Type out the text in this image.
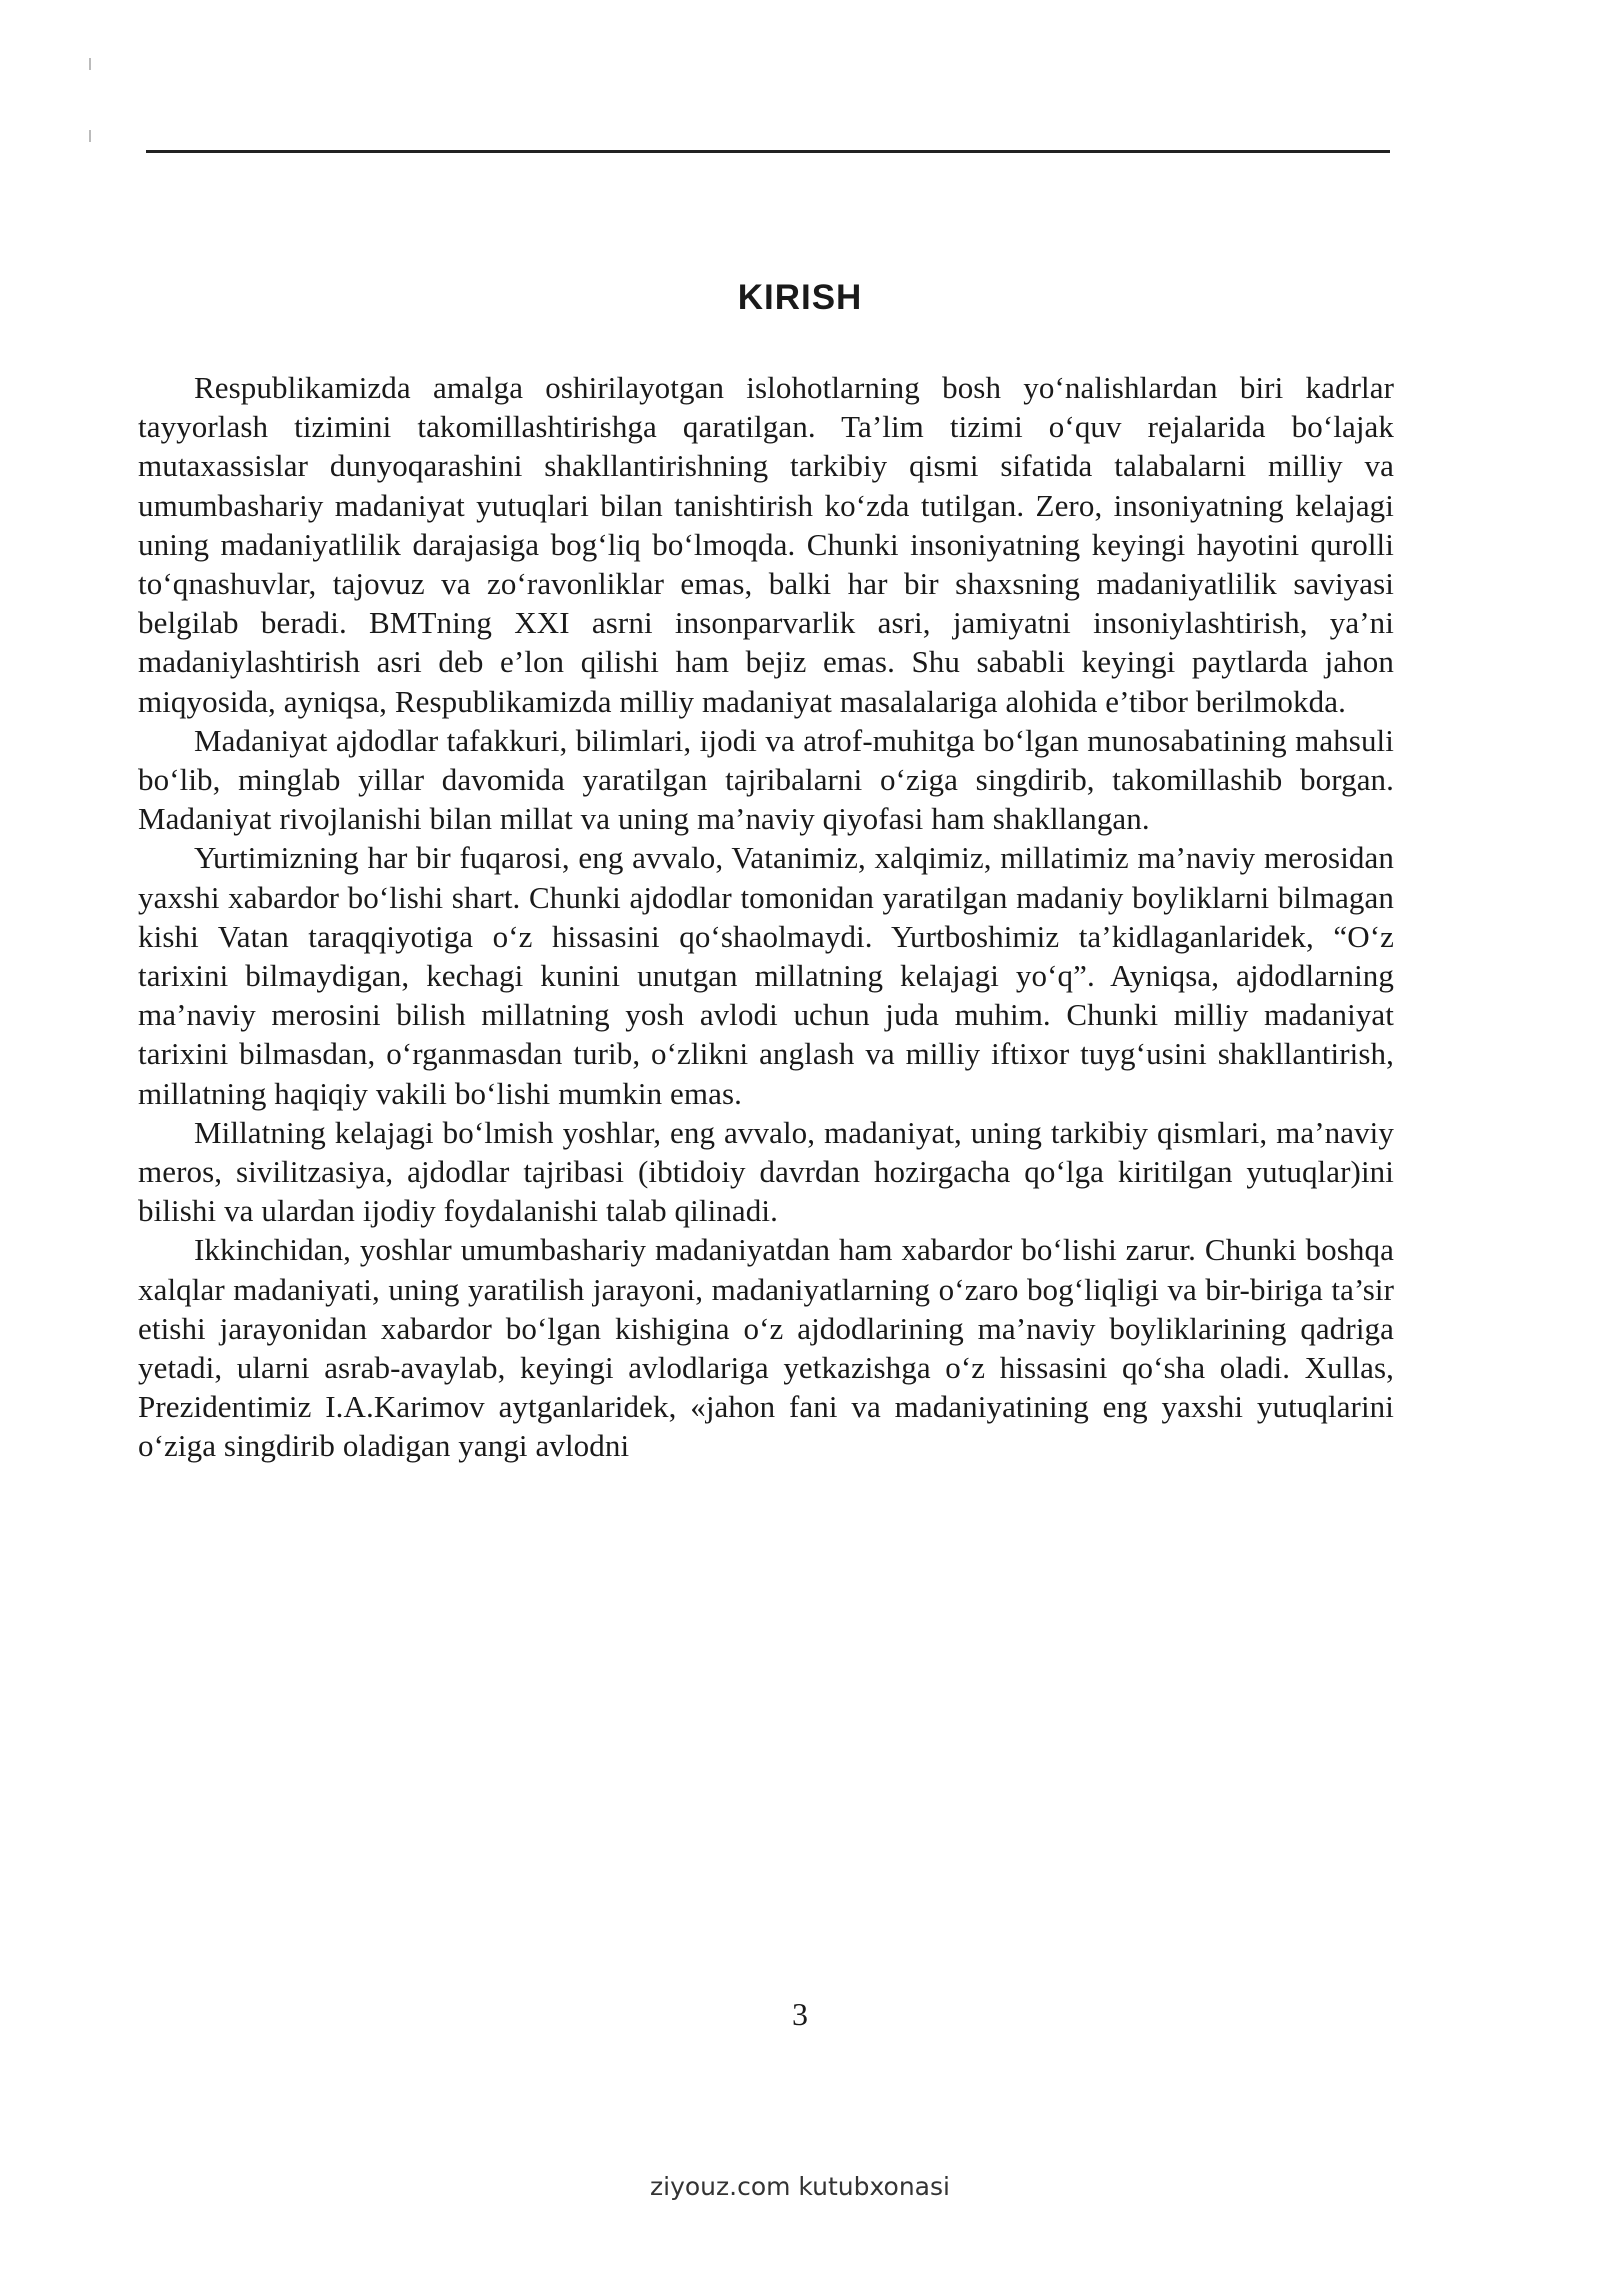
KIRISH

Respublikamizda amalga oshirilayotgan islohotlarning bosh yo‘nalishlardan biri kadrlar tayyorlash tizimini takomillashtirishga qaratilgan. Ta’lim tizimi o‘quv rejalarida bo‘lajak mutaxassislar dunyoqarashini shakllantirishning tarkibiy qismi sifatida talabalarni milliy va umumbashariy madaniyat yutuqlari bilan tanishtirish ko‘zda tutilgan. Zero, insoniyatning kelajagi uning madaniyatlilik darajasiga bog‘liq bo‘lmoqda. Chunki insoniyatning keyingi hayotini qurolli to‘qnashuvlar, tajovuz va zo‘ravonliklar emas, balki har bir shaxsning madaniyatlilik saviyasi belgilab beradi. BMTning XXI asrni insonparvarlik asri, jamiyatni insoniylashtirish, ya’ni madaniylashtirish asri deb e’lon qilishi ham bejiz emas. Shu sababli keyingi paytlarda jahon miqyosida, ayniqsa, Respublikamizda milliy madaniyat masalalariga alohida e’tibor berilmokda.

Madaniyat ajdodlar tafakkuri, bilimlari, ijodi va atrof-muhitga bo‘lgan munosabatining mahsuli bo‘lib, minglab yillar davomida yaratilgan tajribalarni o‘ziga singdirib, takomillashib borgan. Madaniyat rivojlanishi bilan millat va uning ma’naviy qiyofasi ham shakllangan.

Yurtimizning har bir fuqarosi, eng avvalo, Vatanimiz, xalqimiz, millatimiz ma’naviy merosidan yaxshi xabardor bo‘lishi shart. Chunki ajdodlar tomonidan yaratilgan madaniy boyliklarni bilmagan kishi Vatan taraqqiyotiga o‘z hissasini qo‘shaolmaydi. Yurtboshimiz ta’kidlaganlaridek, “O‘z tarixini bilmaydigan, kechagi kunini unutgan millatning kelajagi yo‘q”. Ayniqsa, ajdodlarning ma’naviy merosini bilish millatning yosh avlodi uchun juda muhim. Chunki milliy madaniyat tarixini bilmasdan, o‘rganmasdan turib, o‘zlikni anglash va milliy iftixor tuyg‘usini shakllantirish, millatning haqiqiy vakili bo‘lishi mumkin emas.

Millatning kelajagi bo‘lmish yoshlar, eng avvalo, madaniyat, uning tarkibiy qismlari, ma’naviy meros, sivilitzasiya, ajdodlar tajribasi (ibtidoiy davrdan hozirgacha qo‘lga kiritilgan yutuqlar)ini bilishi va ulardan ijodiy foydalanishi talab qilinadi.

Ikkinchidan, yoshlar umumbashariy madaniyatdan ham xabardor bo‘lishi zarur. Chunki boshqa xalqlar madaniyati, uning yaratilish jarayoni, madaniyatlarning o‘zaro bog‘liqligi va bir-biriga ta’sir etishi jarayonidan xabardor bo‘lgan kishigina o‘z ajdodlarining ma’naviy boyliklarining qadriga yetadi, ularni asrab-avaylab, keyingi avlodlariga yetkazishga o‘z hissasini qo‘sha oladi. Xullas, Prezidentimiz I.A.Karimov aytganlaridek, «jahon fani va madaniyatining eng yaxshi yutuqlarini o‘ziga singdirib oladigan yangi avlodni

3

ziyouz.com kutubxonasi
